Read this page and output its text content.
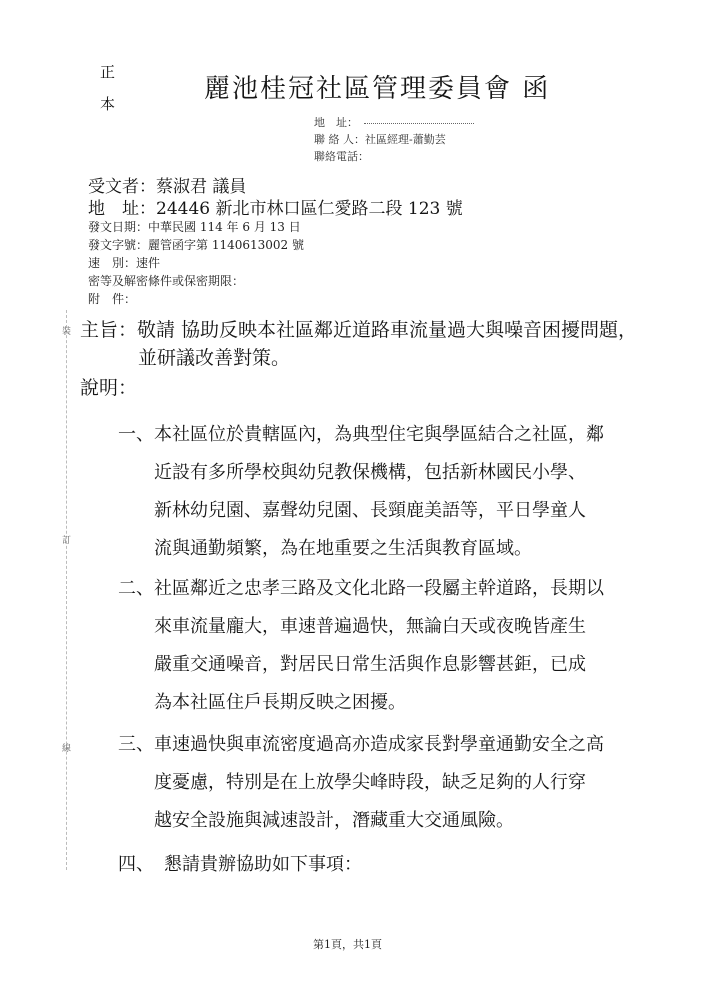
裝
訂
線
正
本	麗池桂冠社區管理委員會 函
地　址：
聯 絡 人：社區經理-蕭勤芸
聯絡電話：
受文者：蔡淑君 議員
地　址：24446 新北市林口區仁愛路二段 123 號
發文日期：中華民國 114 年 6 月 13 日
發文字號：麗管函字第 1140613002 號
速　別：速件
密等及解密條件或保密期限：
附　件：
主旨：敬請 協助反映本社區鄰近道路車流量過大與噪音困擾問題，
並研議改善對策。
說明：
一、 本社區位於貴轄區內，為典型住宅與學區結合之社區，鄰
近設有多所學校與幼兒教保機構，包括新林國民小學、
新林幼兒園、嘉聲幼兒園、長頸鹿美語等，平日學童人
流與通勤頻繁，為在地重要之生活與教育區域。
二、 社區鄰近之忠孝三路及文化北路一段屬主幹道路，長期以
來車流量龐大，車速普遍過快，無論白天或夜晚皆產生
嚴重交通噪音，對居民日常生活與作息影響甚鉅，已成
為本社區住戶長期反映之困擾。
三、 車速過快與車流密度過高亦造成家長對學童通勤安全之高
度憂慮，特別是在上放學尖峰時段，缺乏足夠的人行穿
越安全設施與減速設計，潛藏重大交通風險。
四、 懇請貴辦協助如下事項：
第1頁，共1頁
